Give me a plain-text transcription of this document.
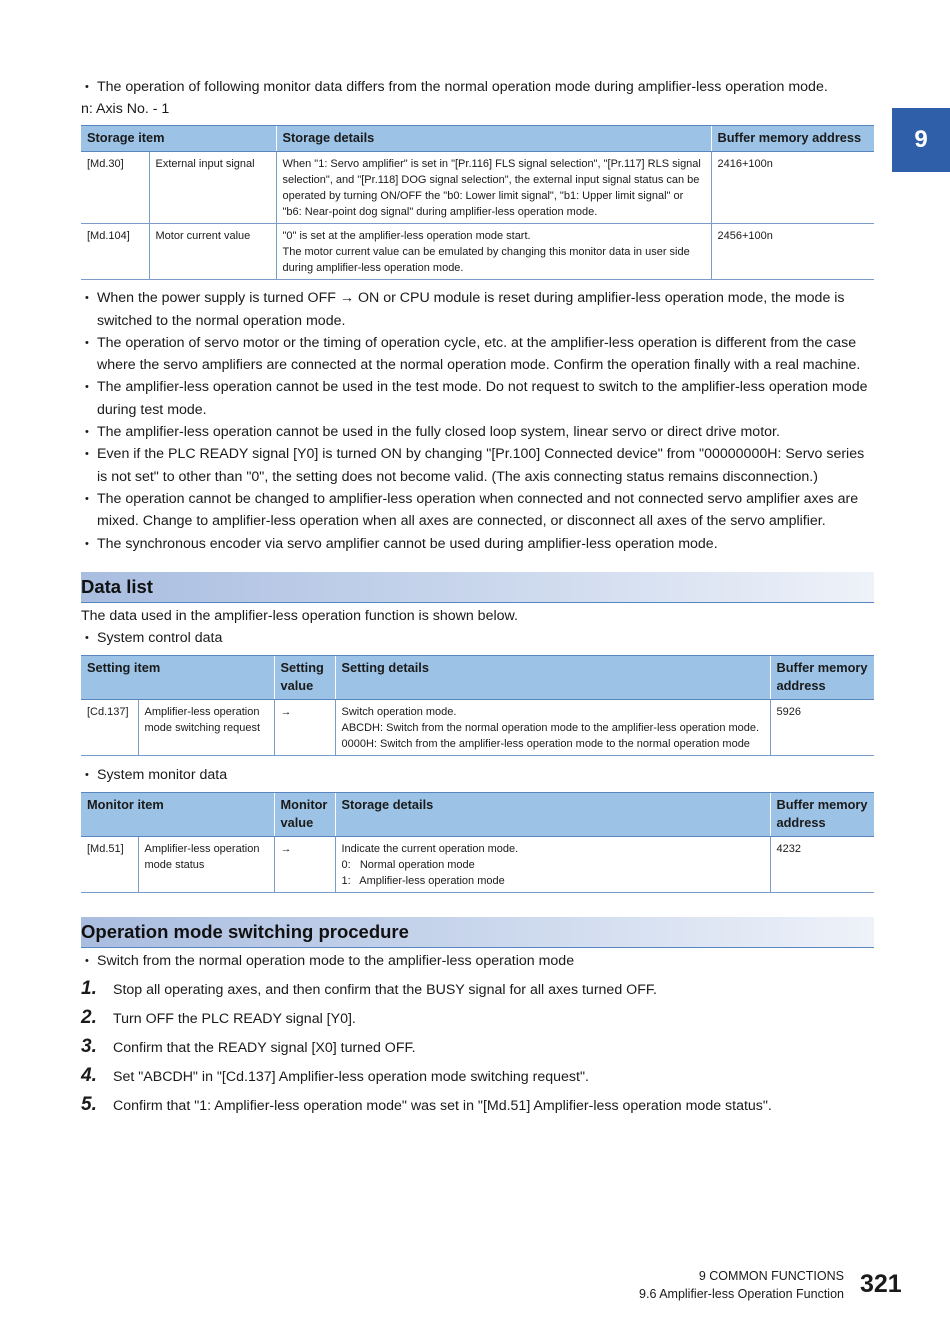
9
• The operation of following monitor data differs from the normal operation mode during amplifier-less operation mode.
n: Axis No. - 1
Storage item		Storage details	Buffer memory address
[Md.30]	External input signal	When "1: Servo amplifier" is set in "[Pr.116] FLS signal selection", "[Pr.117] RLS signal selection", and "[Pr.118] DOG signal selection", the external input signal status can be operated by turning ON/OFF the "b0: Lower limit signal", "b1: Upper limit signal" or "b6: Near-point dog signal" during amplifier-less operation mode.	2416+100n
[Md.104]	Motor current value	"0" is set at the amplifier-less operation mode start.
The motor current value can be emulated by changing this monitor data in user side during amplifier-less operation mode.	2456+100n
• When the power supply is turned OFF → ON or CPU module is reset during amplifier-less operation mode, the mode is switched to the normal operation mode.
• The operation of servo motor or the timing of operation cycle, etc. at the amplifier-less operation is different from the case where the servo amplifiers are connected at the normal operation mode. Confirm the operation finally with a real machine.
• The amplifier-less operation cannot be used in the test mode. Do not request to switch to the amplifier-less operation mode during test mode.
• The amplifier-less operation cannot be used in the fully closed loop system, linear servo or direct drive motor.
• Even if the PLC READY signal [Y0] is turned ON by changing "[Pr.100] Connected device" from "00000000H: Servo series is not set" to other than "0", the setting does not become valid. (The axis connecting status remains disconnection.)
• The operation cannot be changed to amplifier-less operation when connected and not connected servo amplifier axes are mixed. Change to amplifier-less operation when all axes are connected, or disconnect all axes of the servo amplifier.
• The synchronous encoder via servo amplifier cannot be used during amplifier-less operation mode.
Data list
The data used in the amplifier-less operation function is shown below.
• System control data
Setting item		Setting value	Setting details	Buffer memory address
[Cd.137]	Amplifier-less operation mode switching request	→	Switch operation mode.
ABCDH: Switch from the normal operation mode to the amplifier-less operation mode.
0000H: Switch from the amplifier-less operation mode to the normal operation mode	5926
• System monitor data
Monitor item		Monitor value	Storage details	Buffer memory address
[Md.51]	Amplifier-less operation mode status	→	Indicate the current operation mode.
0:   Normal operation mode
1:   Amplifier-less operation mode	4232
Operation mode switching procedure
• Switch from the normal operation mode to the amplifier-less operation mode
1. Stop all operating axes, and then confirm that the BUSY signal for all axes turned OFF.
2. Turn OFF the PLC READY signal [Y0].
3. Confirm that the READY signal [X0] turned OFF.
4. Set "ABCDH" in "[Cd.137] Amplifier-less operation mode switching request".
5. Confirm that "1: Amplifier-less operation mode" was set in "[Md.51] Amplifier-less operation mode status".
9 COMMON FUNCTIONS
9.6 Amplifier-less Operation Function 321
